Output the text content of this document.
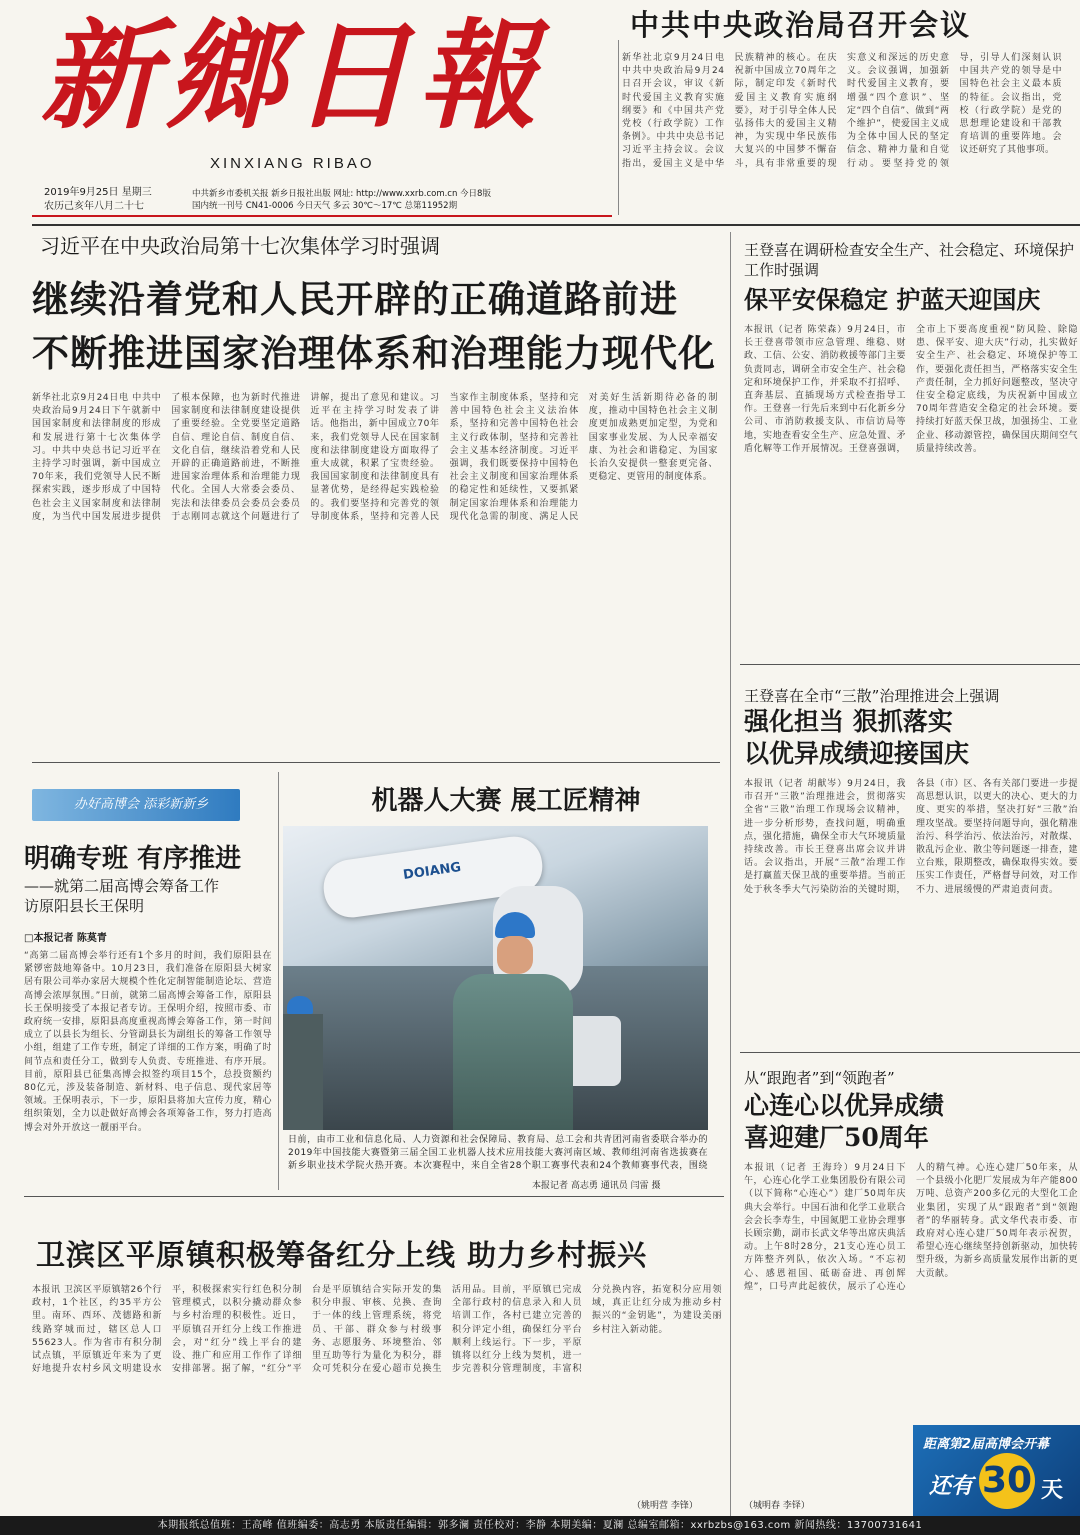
新鄉日報
XINXIANG RIBAO
2019年9月25日 星期三
农历己亥年八月二十七
中共新乡市委机关报 新乡日报社出版 网址: http://www.xxrb.com.cn 今日8版
国内统一刊号 CN41-0006 今日天气 多云 30℃～17℃ 总第11952期
中共中央政治局召开会议
新华社北京9月24日电 中共中央政治局9月24日召开会议，审议《新时代爱国主义教育实施纲要》和《中国共产党党校（行政学院）工作条例》。中共中央总书记习近平主持会议。会议指出，爱国主义是中华民族精神的核心。在庆祝新中国成立70周年之际，制定印发《新时代爱国主义教育实施纲要》，对于引导全体人民弘扬伟大的爱国主义精神，为实现中华民族伟大复兴的中国梦不懈奋斗，具有非常重要的现实意义和深远的历史意义。会议强调，加强新时代爱国主义教育，要增强“四个意识”、坚定“四个自信”、做到“两个维护”，使爱国主义成为全体中国人民的坚定信念、精神力量和自觉行动。要坚持党的领导，引导人们深刻认识中国共产党的领导是中国特色社会主义最本质的特征。会议指出，党校（行政学院）是党的思想理论建设和干部教育培训的重要阵地。会议还研究了其他事项。
习近平在中央政治局第十七次集体学习时强调
继续沿着党和人民开辟的正确道路前进
不断推进国家治理体系和治理能力现代化
新华社北京9月24日电 中共中央政治局9月24日下午就新中国国家制度和法律制度的形成和发展进行第十七次集体学习。中共中央总书记习近平在主持学习时强调，新中国成立70年来，我们党领导人民不断探索实践，逐步形成了中国特色社会主义国家制度和法律制度，为当代中国发展进步提供了根本保障，也为新时代推进国家制度和法律制度建设提供了重要经验。全党要坚定道路自信、理论自信、制度自信、文化自信，继续沿着党和人民开辟的正确道路前进，不断推进国家治理体系和治理能力现代化。全国人大常委会委员、宪法和法律委员会委员会委员于志刚同志就这个问题进行了讲解，提出了意见和建议。习近平在主持学习时发表了讲话。他指出，新中国成立70年来，我们党领导人民在国家制度和法律制度建设方面取得了重大成就，积累了宝贵经验。我国国家制度和法律制度具有显著优势，是经得起实践检验的。我们要坚持和完善党的领导制度体系，坚持和完善人民当家作主制度体系，坚持和完善中国特色社会主义法治体系，坚持和完善中国特色社会主义行政体制，坚持和完善社会主义基本经济制度。习近平强调，我们既要保持中国特色社会主义制度和国家治理体系的稳定性和延续性，又要抓紧制定国家治理体系和治理能力现代化急需的制度、满足人民对美好生活新期待必备的制度，推动中国特色社会主义制度更加成熟更加定型，为党和国家事业发展、为人民幸福安康、为社会和谐稳定、为国家长治久安提供一整套更完备、更稳定、更管用的制度体系。
王登喜在调研检查安全生产、社会稳定、环境保护工作时强调
保平安保稳定 护蓝天迎国庆
本报讯（记者 陈荣森）9月24日，市长王登喜带领市应急管理、维稳、财政、工信、公安、消防救援等部门主要负责同志，调研全市安全生产、社会稳定和环境保护工作，并采取不打招呼、直奔基层、直插现场方式检查指导工作。王登喜一行先后来到中石化新乡分公司、市消防救援支队、市信访局等地，实地查看安全生产、应急处置、矛盾化解等工作开展情况。王登喜强调，全市上下要高度重视“防风险、除隐患、保平安、迎大庆”行动，扎实做好安全生产、社会稳定、环境保护等工作，要强化责任担当，严格落实安全生产责任制，全力抓好问题整改，坚决守住安全稳定底线，为庆祝新中国成立70周年营造安全稳定的社会环境。要持续打好蓝天保卫战，加强扬尘、工业企业、移动源管控，确保国庆期间空气质量持续改善。
王登喜在全市“三散”治理推进会上强调
强化担当 狠抓落实
以优异成绩迎接国庆
本报讯（记者 胡献岑）9月24日，我市召开“三散”治理推进会，贯彻落实全省“三散”治理工作现场会议精神，进一步分析形势，查找问题，明确重点，强化措施，确保全市大气环境质量持续改善。市长王登喜出席会议并讲话。会议指出，开展“三散”治理工作是打赢蓝天保卫战的重要举措。当前正处于秋冬季大气污染防治的关键时期，各县（市）区、各有关部门要进一步提高思想认识，以更大的决心、更大的力度、更实的举措，坚决打好“三散”治理攻坚战。要坚持问题导向，强化精准治污、科学治污、依法治污，对散煤、散乱污企业、散尘等问题逐一排查，建立台账，限期整改，确保取得实效。要压实工作责任，严格督导问效，对工作不力、进展缓慢的严肃追责问责。
从“跟跑者”到“领跑者”
心连心以优异成绩
喜迎建厂50周年
本报讯（记者 王海玲）9月24日下午，心连心化学工业集团股份有限公司（以下简称“心连心”）建厂50周年庆典大会举行。中国石油和化学工业联合会会长李寿生，中国氮肥工业协会理事长顾宗勤，副市长武文华等出席庆典活动。上午8时28分，21支心连心员工方阵整齐列队，依次入场。“不忘初心、感恩祖国、砥砺奋进、再创辉煌”，口号声此起彼伏，展示了心连心人的精气神。心连心建厂50年来，从一个县级小化肥厂发展成为年产能800万吨、总资产200多亿元的大型化工企业集团，实现了从“跟跑者”到“领跑者”的华丽转身。武文华代表市委、市政府对心连心建厂50周年表示祝贺，希望心连心继续坚持创新驱动，加快转型升级，为新乡高质量发展作出新的更大贡献。
（城明春 李铎）
距离第2届高博会开幕
还有 30 天
办好高博会 添彩新新乡
明确专班 有序推进
——就第二届高博会筹备工作
访原阳县长王保明
□本报记者 陈莫青
“高第二届高博会举行还有1个多月的时间，我们原阳县在紧锣密鼓地筹备中。10月23日，我们准备在原阳县大树家居有限公司举办家居大规模个性化定制智能制造论坛、营造高博会浓厚氛围。”日前，就第二届高博会筹备工作，原阳县长王保明接受了本报记者专访。王保明介绍，按照市委、市政府统一安排，原阳县高度重视高博会筹备工作，第一时间成立了以县长为组长、分管副县长为副组长的筹备工作领导小组，组建了工作专班，制定了详细的工作方案，明确了时间节点和责任分工，做到专人负责、专班推进、有序开展。目前，原阳县已征集高博会拟签约项目15个，总投资额约80亿元，涉及装备制造、新材料、电子信息、现代家居等领域。王保明表示，下一步，原阳县将加大宣传力度，精心组织策划，全力以赴做好高博会各项筹备工作，努力打造高博会对外开放这一靓丽平台。
机器人大赛 展工匠精神
DOIANG
日前，由市工业和信息化局、人力资源和社会保障局、教育局、总工会和共青团河南省委联合举办的2019年中国技能大赛暨第三届全国工业机器人技术应用技能大赛河南区域、教师组河南省选拔赛在新乡职业技术学院火热开赛。本次赛程中，来自全省28个职工赛事代表和24个教师赛事代表，围绕
本报记者 高志勇 通讯员 闫雷 摄
卫滨区平原镇积极筹备红分上线 助力乡村振兴
本报讯 卫滨区平原镇辖26个行政村，1个社区，约35平方公里。南环、西环、茂德路和新线路穿城而过，辖区总人口55623人。作为省市有积分制试点镇，平原镇近年来为了更好地提升农村乡风文明建设水平，积极探索实行红色积分制管理模式，以积分撬动群众参与乡村治理的积极性。近日，平原镇召开红分上线工作推进会，对“红分”线上平台的建设、推广和应用工作作了详细安排部署。据了解，“红分”平台是平原镇结合实际开发的集积分申报、审核、兑换、查询于一体的线上管理系统，将党员、干部、群众参与村级事务、志愿服务、环境整治、邻里互助等行为量化为积分，群众可凭积分在爱心超市兑换生活用品。目前，平原镇已完成全部行政村的信息录入和人员培训工作，各村已建立完善的积分评定小组，确保红分平台顺利上线运行。下一步，平原镇将以红分上线为契机，进一步完善积分管理制度，丰富积分兑换内容，拓宽积分应用领域，真正让红分成为推动乡村振兴的“金钥匙”，为建设美丽乡村注入新动能。
（姚明营 李锋）
本期报纸总值班：王高峰 值班编委：高志勇 本版责任编辑：郭多澜 责任校对：李静 本期美编：夏澜 总编室邮箱：xxrbzbs@163.com 新闻热线：13700731641
